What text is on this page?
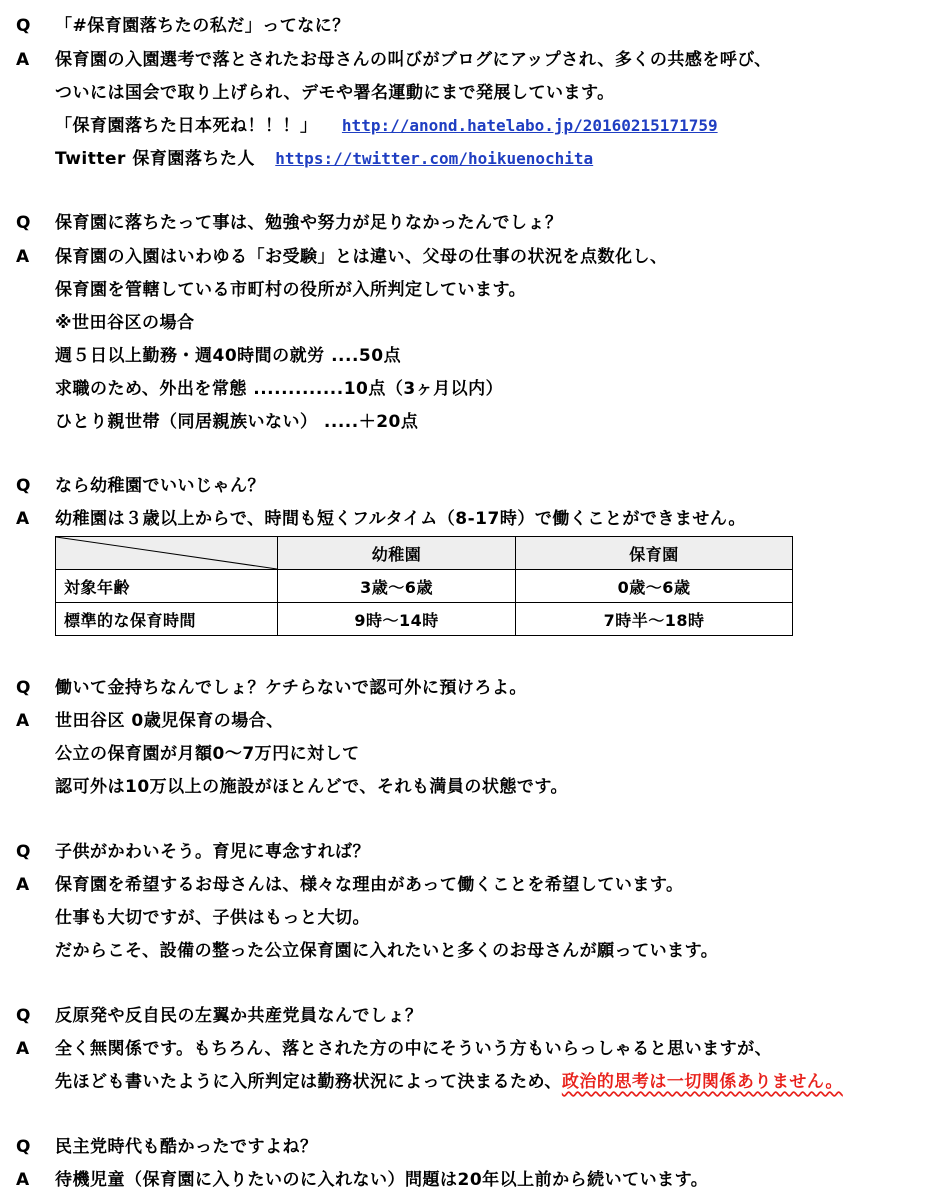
Q 「#保育園落ちたの私だ」ってなに？
A	保育園の入園選考で落とされたお母さんの叫びがブログにアップされ、多くの共感を呼び、
ついには国会で取り上げられ、デモや署名運動にまで発展しています。
「保育園落ちた日本死ね！！！」 http://anond.hatelabo.jp/20160215171759
Twitter 保育園落ちた人 https://twitter.com/hoikuenochita
Q 保育園に落ちたって事は、勉強や努力が足りなかったんでしょ？
A	保育園の入園はいわゆる「お受験」とは違い、父母の仕事の状況を点数化し、
保育園を管轄している市町村の役所が入所判定しています。
※世田谷区の場合
週５日以上勤務・週40時間の就労 ....50点
求職のため、外出を常態 .............10点（3ヶ月以内）
ひとり親世帯（同居親族いない） .....＋20点
Q なら幼稚園でいいじゃん？
A	幼稚園は３歳以上からで、時間も短くフルタイム（8-17時）で働くことができません。
	幼稚園	保育園
対象年齢	3歳～6歳	0歳～6歳
標準的な保育時間	9時～14時	7時半～18時
Q 働いて金持ちなんでしょ？ケチらないで認可外に預けろよ。
A	世田谷区 0歳児保育の場合、
公立の保育園が月額0～7万円に対して
認可外は10万以上の施設がほとんどで、それも満員の状態です。
Q 子供がかわいそう。育児に専念すれば？
A	保育園を希望するお母さんは、様々な理由があって働くことを希望しています。
仕事も大切ですが、子供はもっと大切。
だからこそ、設備の整った公立保育園に入れたいと多くのお母さんが願っています。
Q 反原発や反自民の左翼か共産党員なんでしょ？
A	全く無関係です。もちろん、落とされた方の中にそういう方もいらっしゃると思いますが、
先ほども書いたように入所判定は勤務状況によって決まるため、政治的思考は一切関係ありません。
Q 民主党時代も酷かったですよね？
A	待機児童（保育園に入りたいのに入れない）問題は20年以上前から続いています。
